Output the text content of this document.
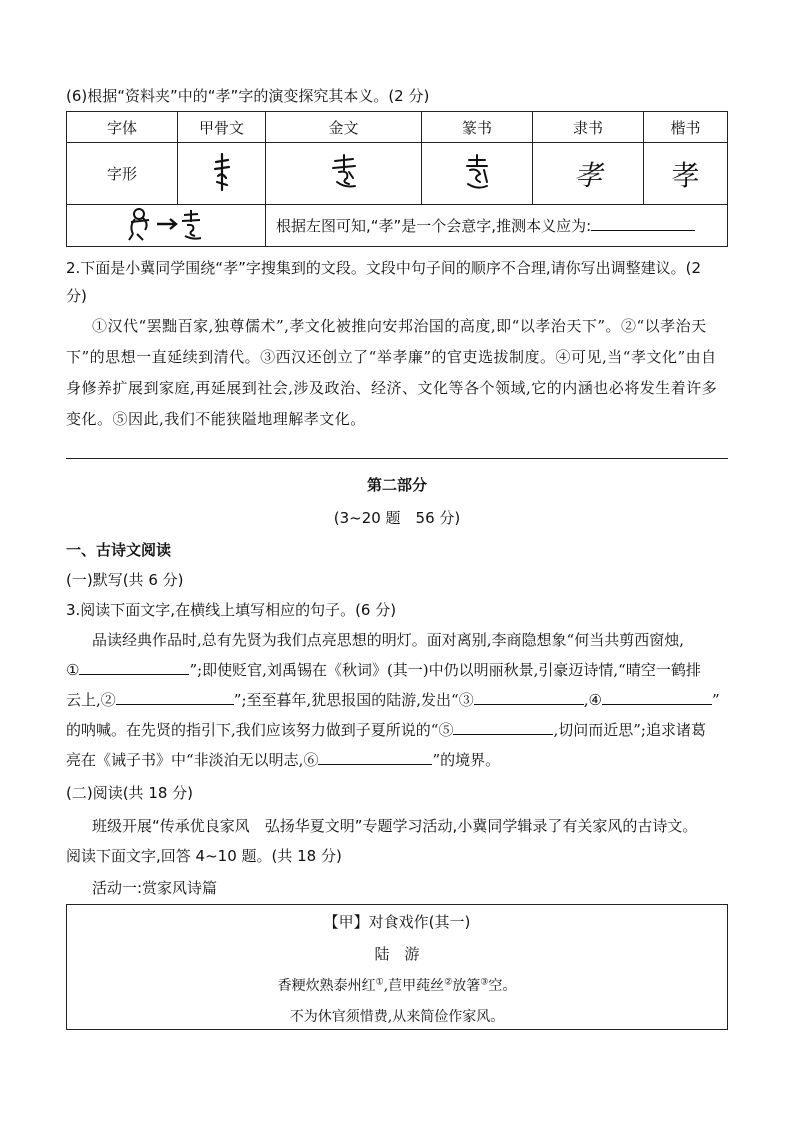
(6)根据“资料夹”中的“孝”字的演变探究其本义。(2 分)
字体	甲骨文	金文	篆书	隶书	楷书
字形				孝	孝
	根据左图可知,“孝”是一个会意字,推测本义应为:			
2.下面是小冀同学围绕“孝”字搜集到的文段。文段中句子间的顺序不合理,请你写出调整建议。(2
分)
①汉代“罢黜百家,独尊儒术”,孝文化被推向安邦治国的高度,即“以孝治天下”。②“以孝治天下”的思想一直延续到清代。③西汉还创立了“举孝廉”的官吏选拔制度。④可见,当“孝文化”由自身修养扩展到家庭,再延展到社会,涉及政治、经济、文化等各个领域,它的内涵也必将发生着许多变化。⑤因此,我们不能狭隘地理解孝文化。
第二部分
(3~20 题　56 分)
一、古诗文阅读
(一)默写(共 6 分)
3.阅读下面文字,在横线上填写相应的句子。(6 分)
品读经典作品时,总有先贤为我们点亮思想的明灯。面对离别,李商隐想象“何当共剪西窗烛,
①	”;即使贬官,刘禹锡在《秋词》(其一)中仍以明丽秋景,引豪迈诗情,“晴空一鹤排
云上,②	”;至至暮年,犹思报国的陆游,发出“③	,④	”
的呐喊。在先贤的指引下,我们应该努力做到子夏所说的“⑤	,切问而近思”;追求诸葛
亮在《诫子书》中“非淡泊无以明志,⑥	”的境界。
(二)阅读(共 18 分)
班级开展“传承优良家风　弘扬华夏文明”专题学习活动,小冀同学辑录了有关家风的古诗文。
阅读下面文字,回答 4~10 题。(共 18 分)
活动一:赏家风诗篇
【甲】对食戏作(其一)
陆　游
香粳炊熟泰州红①,苣甲莼丝②放箸③空。
不为休官须惜费,从来简俭作家风。
